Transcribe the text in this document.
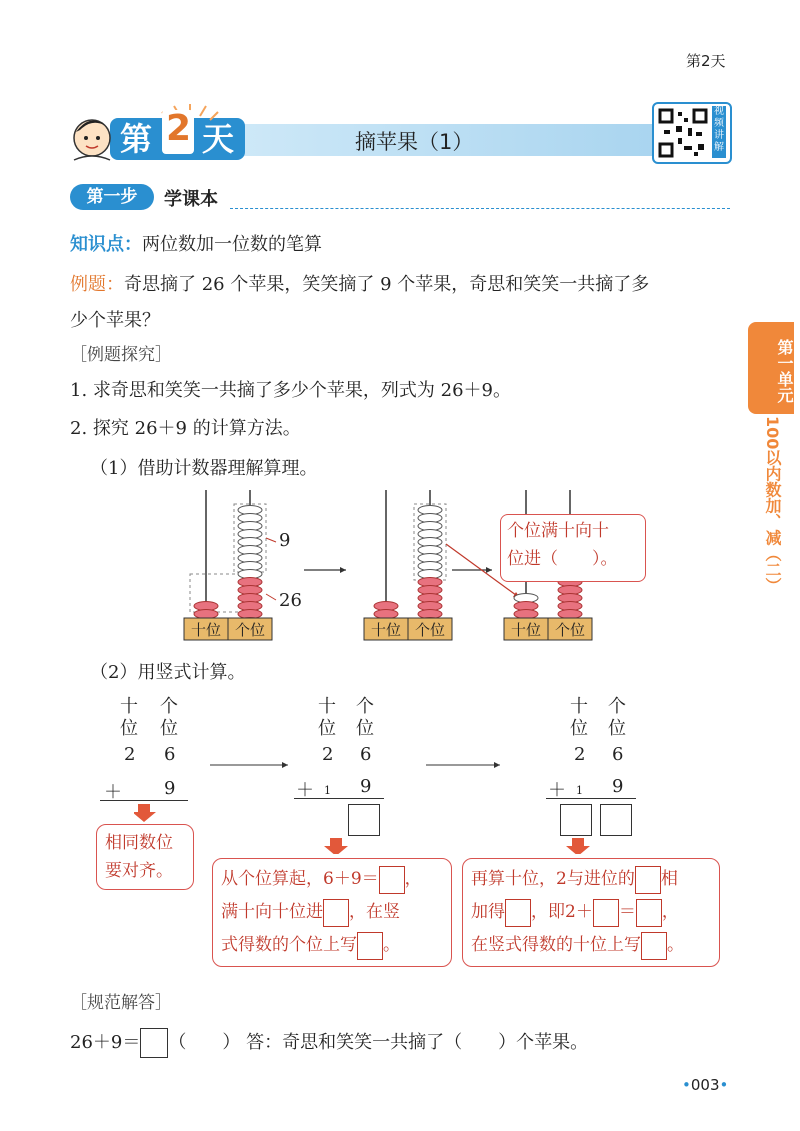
第2天
第 2 天	摘苹果（1）
视频讲解
第一步	学课本
知识点：两位数加一位数的笔算
例题：奇思摘了 26 个苹果，笑笑摘了 9 个苹果，奇思和笑笑一共摘了多
少个苹果？
［例题探究］
1. 求奇思和笑笑一共摘了多少个苹果，列式为 26＋9。
2. 探究 26＋9 的计算方法。
（1）借助计数器理解算理。
9
26
十位 个位	十位 个位	十位 个位
个位满十向十
位进（　　）。
（2）用竖式计算。
十 个
位 位
2 6
＋ 9
十 个
位 位
2 6
＋ 1 9
十 个
位 位
2 6
＋ 1 9
相同数位
要对齐。	从个位算起，6＋9＝ ，
满十向十位进 ，在竖
式得数的个位上写 。
再算十位，2与进位的 相
加得 ，即2＋ ＝ ，
在竖式得数的十位上写 。
［规范解答］
26＋9＝ （　　） 答：奇思和笑笑一共摘了（　　）个苹果。
第一单元
100以内数加、减（二）
•003•
